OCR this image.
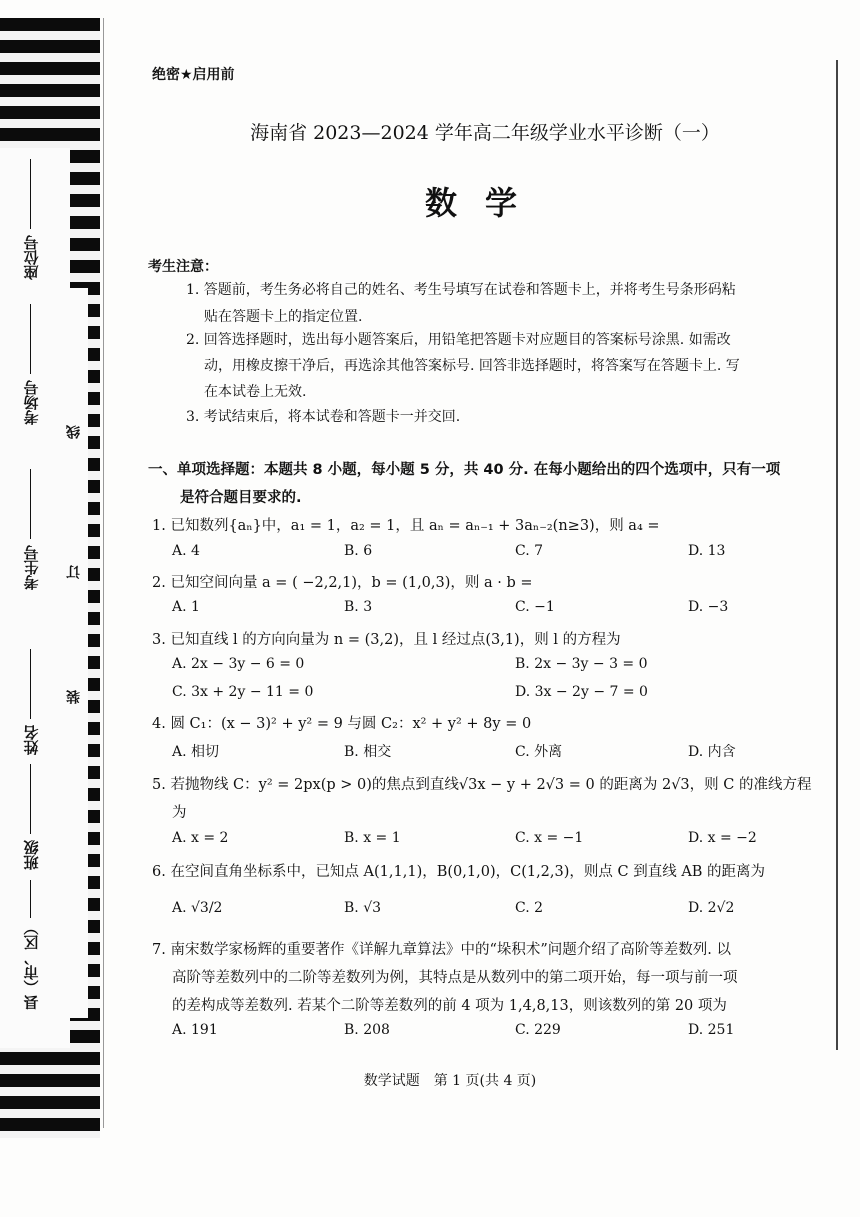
座位号
考场号
考生号
姓名
班级
县（市、区）
线
订
装
绝密★启用前
海南省 2023—2024 学年高二年级学业水平诊断（一）
数学
考生注意：
1. 答题前，考生务必将自己的姓名、考生号填写在试卷和答题卡上，并将考生号条形码粘
贴在答题卡上的指定位置.
2. 回答选择题时，选出每小题答案后，用铅笔把答题卡对应题目的答案标号涂黑. 如需改
动，用橡皮擦干净后，再选涂其他答案标号. 回答非选择题时，将答案写在答题卡上. 写
在本试卷上无效.
3. 考试结束后，将本试卷和答题卡一并交回.
一、单项选择题：本题共 8 小题，每小题 5 分，共 40 分. 在每小题给出的四个选项中，只有一项
是符合题目要求的.
1. 已知数列{aₙ}中，a₁ = 1，a₂ = 1，且 aₙ = aₙ₋₁ + 3aₙ₋₂(n≥3)，则 a₄ =
A. 4	B. 6	C. 7	D. 13
2. 已知空间向量 a = ( −2,2,1)，b = (1,0,3)，则 a · b =
A. 1	B. 3	C. −1	D. −3
3. 已知直线 l 的方向向量为 n = (3,2)，且 l 经过点(3,1)，则 l 的方程为
A. 2x − 3y − 6 = 0	B. 2x − 3y − 3 = 0
C. 3x + 2y − 11 = 0	D. 3x − 2y − 7 = 0
4. 圆 C₁：(x − 3)² + y² = 9 与圆 C₂：x² + y² + 8y = 0
A. 相切	B. 相交	C. 外离	D. 内含
5. 若抛物线 C：y² = 2px(p > 0)的焦点到直线√3x − y + 2√3 = 0 的距离为 2√3，则 C 的准线方程
为
A. x = 2	B. x = 1	C. x = −1	D. x = −2
6. 在空间直角坐标系中，已知点 A(1,1,1)，B(0,1,0)，C(1,2,3)，则点 C 到直线 AB 的距离为
A. √3/2	B. √3	C. 2	D. 2√2
7. 南宋数学家杨辉的重要著作《详解九章算法》中的“垛积术”问题介绍了高阶等差数列. 以
高阶等差数列中的二阶等差数列为例，其特点是从数列中的第二项开始，每一项与前一项
的差构成等差数列. 若某个二阶等差数列的前 4 项为 1,4,8,13，则该数列的第 20 项为
A. 191	B. 208	C. 229	D. 251
数学试题　第 1 页(共 4 页)
